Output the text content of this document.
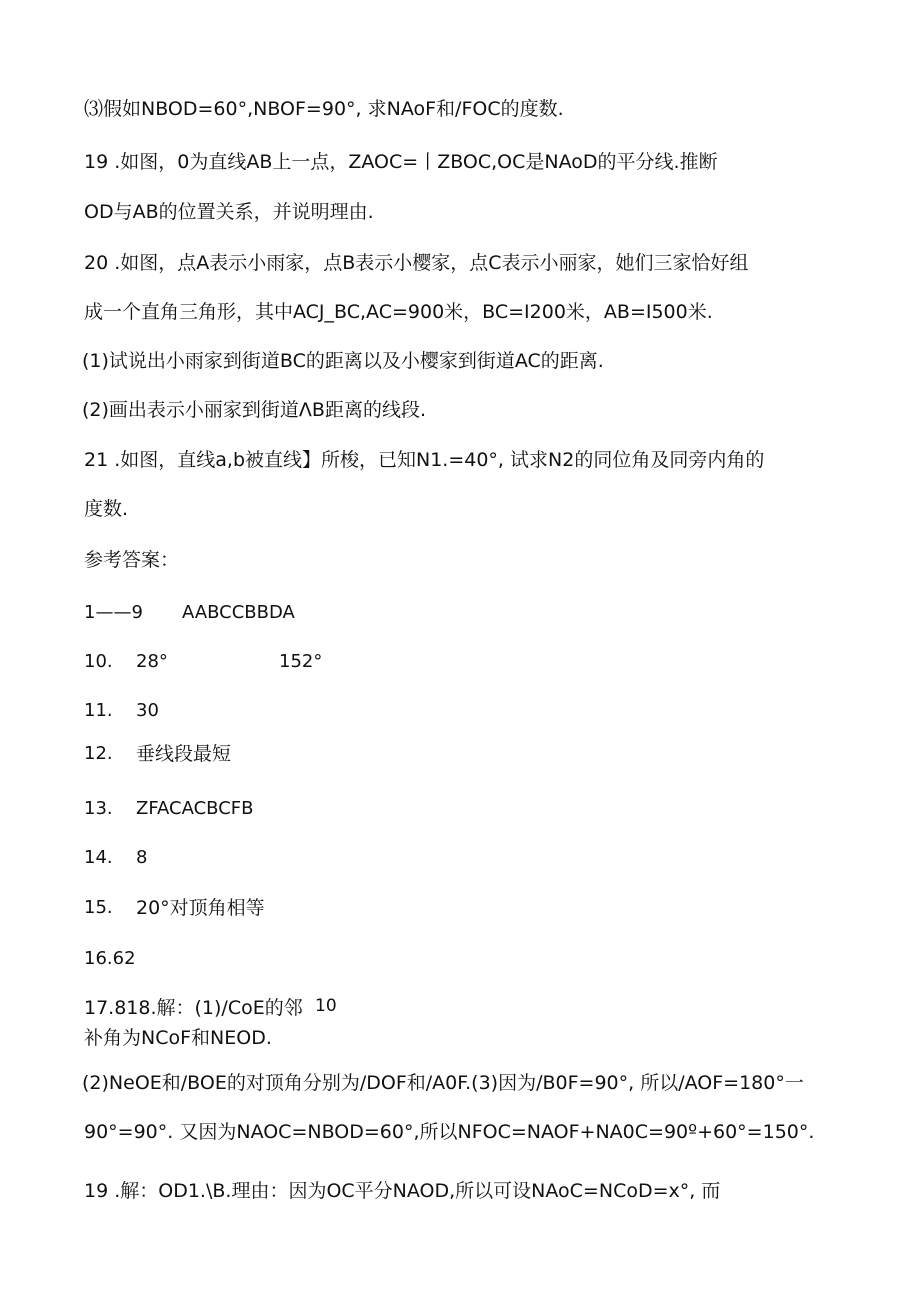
⑶假如NBOD=60°,NBOF=90°, 求NAoF和/FOC的度数.
19 .如图，0为直线AB上一点，ZAOC=丨ZBOC,OC是NAoD的平分线.推断
OD与AB的位置关系，并说明理由.
20 .如图，点A表示小雨家，点B表示小樱家，点C表示小丽家，她们三家恰好组
成一个直角三角形，其中ACJ_BC,AC=900米，BC=I200米，AB=I500米.
(1)试说出小雨家到街道BC的距离以及小樱家到街道AC的距离.
(2)画出表示小丽家到街道ΛB距离的线段.
21 .如图，直线a,b被直线】所梭，已知N1.=40°, 试求N2的同位角及同旁内角的
度数.
参考答案：
1——9 AABCCBBDA
10. 28°	152°
11. 30
12. 垂线段最短
13. ZFACACBCFB
14. 8
15. 20°对顶角相等
16.62
17.818.解：(1)/CoE的邻 10
补角为NCoF和NEOD.
(2)NeOE和/BOE的对顶角分别为/DOF和/A0F.(3)因为∕B0F=90°, 所以/AOF=180°一
90°=90°. 又因为NAOC=NBOD=60°,所以NFOC=NAOF+NA0C=90º+60°=150°.
19 .解：OD1.\B.理由：因为OC平分NAOD,所以可设NAoC=NCoD=x°, 而
